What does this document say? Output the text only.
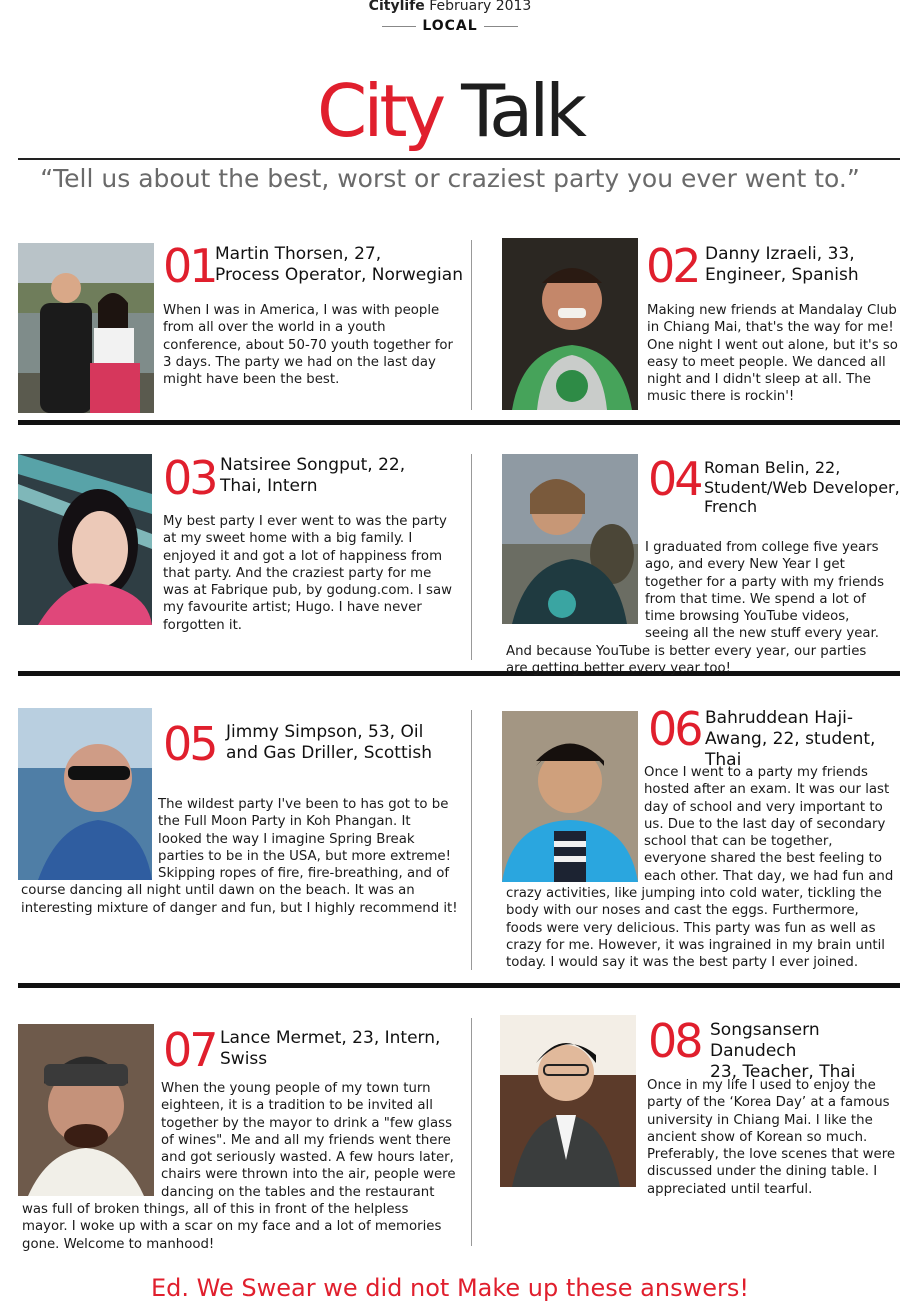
Citylife February 2013
LOCAL
City Talk
“Tell us about the best, worst or craziest party you ever went to.”
01 Martin Thorsen, 27,
Process Operator, Norwegian
When I was in America, I was with people from all over the world in a youth conference, about 50-70 youth together for 3 days. The party we had on the last day might have been the best.
02 Danny Izraeli, 33,
Engineer, Spanish
Making new friends at Mandalay Club in Chiang Mai, that's the way for me! One night I went out alone, but it's so easy to meet people. We danced all night and I didn't sleep at all. The music there is rockin'!
03 Natsiree Songput, 22,
Thai, Intern
My best party I ever went to was the party at my sweet home with a big family. I enjoyed it and got a lot of happiness from that party. And the craziest party for me was at Fabrique pub, by godung.com. I saw my favourite artist; Hugo. I have never forgotten it.
04 Roman Belin, 22,
Student/Web Developer,
French
I graduated from college five years ago, and every New Year I get together for a party with my friends from that time. We spend a lot of time browsing YouTube videos, seeing all the new stuff every year. And because YouTube is better every year, our parties are getting better every year too!
05 Jimmy Simpson, 53, Oil
and Gas Driller, Scottish
The wildest party I've been to has got to be the Full Moon Party in Koh Phangan. It looked the way I imagine Spring Break parties to be in the USA, but more extreme! Skipping ropes of fire, fire-breathing, and of course dancing all night until dawn on the beach. It was an interesting mixture of danger and fun, but I highly recommend it!
06 Bahruddean Haji-
Awang, 22, student, Thai
Once I went to a party my friends hosted after an exam. It was our last day of school and very important to us. Due to the last day of secondary school that can be together, everyone shared the best feeling to each other. That day, we had fun and crazy activities, like jumping into cold water, tickling the body with our noses and cast the eggs. Furthermore, foods were very delicious. This party was fun as well as crazy for me. However, it was ingrained in my brain until today. I would say it was the best party I ever joined.
07 Lance Mermet, 23, Intern,
Swiss
When the young people of my town turn eighteen, it is a tradition to be invited all together by the mayor to drink a "few glass of wines". Me and all my friends went there and got seriously wasted. A few hours later, chairs were thrown into the air, people were dancing on the tables and the restaurant was full of broken things, all of this in front of the helpless mayor. I woke up with a scar on my face and a lot of memories gone. Welcome to manhood!
08 Songsansern Danudech
23, Teacher, Thai
Once in my life I used to enjoy the party of the ‘Korea Day’ at a famous university in Chiang Mai. I like the ancient show of Korean so much. Preferably, the love scenes that were discussed under the dining table. I appreciated until tearful.
Ed. We Swear we did not Make up these answers!
